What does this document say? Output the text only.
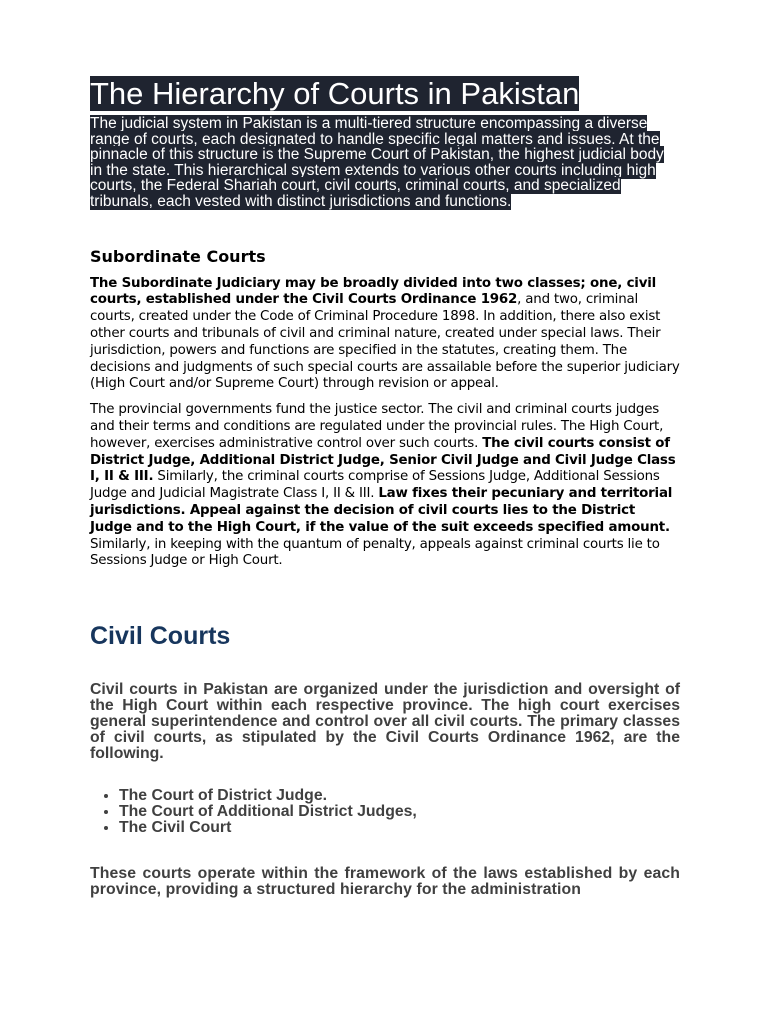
The Hierarchy of Courts in Pakistan

The judicial system in Pakistan is a multi-tiered structure encompassing a diverse range of courts, each designated to handle specific legal matters and issues. At the pinnacle of this structure is the Supreme Court of Pakistan, the highest judicial body in the state. This hierarchical system extends to various other courts including high courts, the Federal Shariah court, civil courts, criminal courts, and specialized tribunals, each vested with distinct jurisdictions and functions.

Subordinate Courts

The Subordinate Judiciary may be broadly divided into two classes; one, civil courts, established under the Civil Courts Ordinance 1962, and two, criminal courts, created under the Code of Criminal Procedure 1898. In addition, there also exist other courts and tribunals of civil and criminal nature, created under special laws. Their jurisdiction, powers and functions are specified in the statutes, creating them. The decisions and judgments of such special courts are assailable before the superior judiciary (High Court and/or Supreme Court) through revision or appeal.

The provincial governments fund the justice sector. The civil and criminal courts judges and their terms and conditions are regulated under the provincial rules. The High Court, however, exercises administrative control over such courts. The civil courts consist of District Judge, Additional District Judge, Senior Civil Judge and Civil Judge Class I, II & III. Similarly, the criminal courts comprise of Sessions Judge, Additional Sessions Judge and Judicial Magistrate Class I, II & III. Law fixes their pecuniary and territorial jurisdictions. Appeal against the decision of civil courts lies to the District Judge and to the High Court, if the value of the suit exceeds specified amount. Similarly, in keeping with the quantum of penalty, appeals against criminal courts lie to Sessions Judge or High Court.

Civil Courts

Civil courts in Pakistan are organized under the jurisdiction and oversight of the High Court within each respective province. The high court exercises general superintendence and control over all civil courts. The primary classes of civil courts, as stipulated by the Civil Courts Ordinance 1962, are the following.

• The Court of District Judge.
• The Court of Additional District Judges,
• The Civil Court

These courts operate within the framework of the laws established by each province, providing a structured hierarchy for the administration
